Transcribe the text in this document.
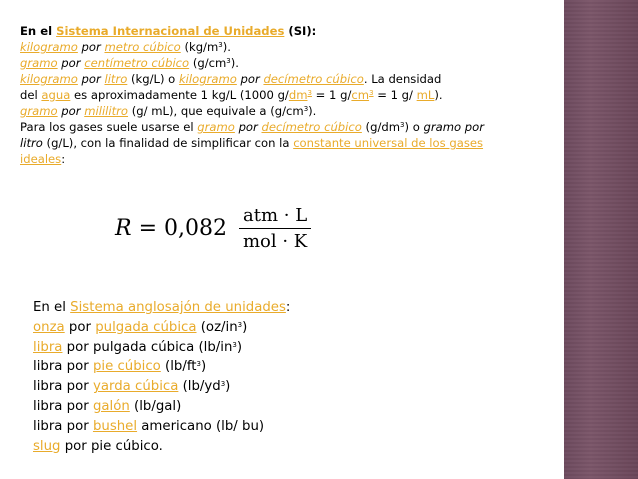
En el Sistema Internacional de Unidades (SI):
kilogramo por metro cúbico $(kg/m^3)$.
gramo por centímetro cúbico $(g/cm^3)$.
kilogramo por litro (kg/L) o kilogramo por decímetro cúbico. La densidad
del agua es aproximadamente 1 kg/L (1000 $g/dm^3 = 1$ $g/cm^3 = 1$ g/ mL).
gramo por mililitro (g/ mL), que equivale a $(g/cm^3)$.
Para los gases suele usarse el gramo por decímetro cúbico $(g/dm^3)$ o gramo por
litro (g/L), con la finalidad de simplificar con la constante universal de los gases
ideales:
$R = 0,082 \frac{\text{atm · L}}{\text{mol · K}}$
En el Sistema anglosajón de unidades:
onza por pulgada cúbica $(oz/in^3)$
libra por pulgada cúbica $(lb/in^3)$
libra por pie cúbico $(lb/ft^3)$
libra por yarda cúbica $(lb/yd^3)$
libra por galón (lb/gal)
libra por bushel americano (lb/ bu)
slug por pie cúbico.
